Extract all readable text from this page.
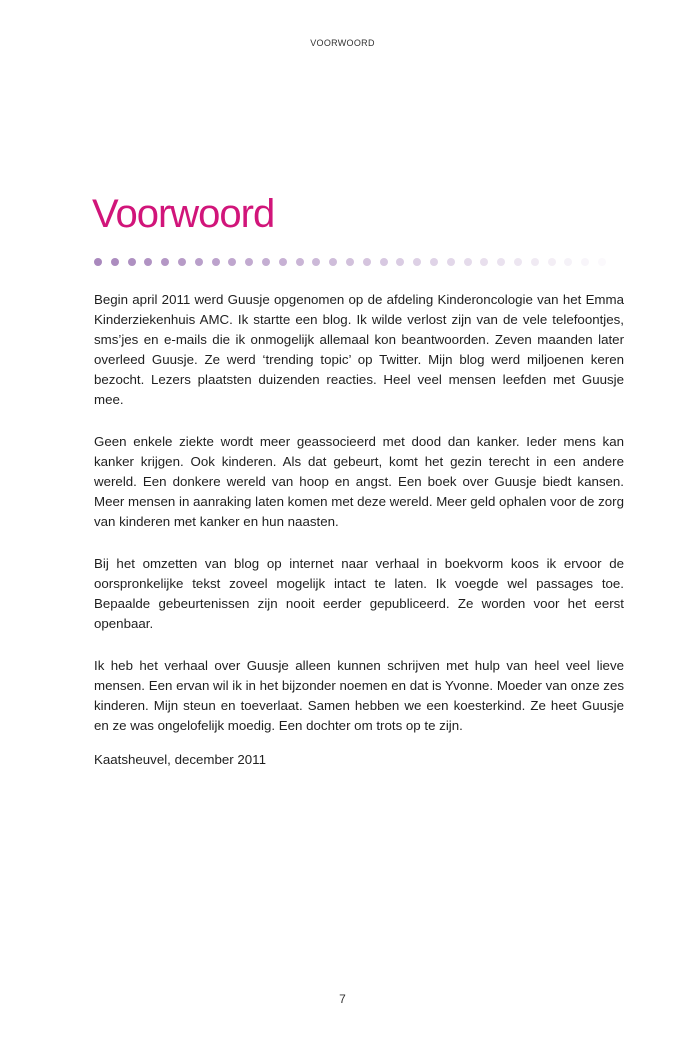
VOORWOORD
Voorwoord

Begin april 2011 werd Guusje opgenomen op de afdeling Kinderoncologie van het Emma Kinderziekenhuis AMC. Ik startte een blog. Ik wilde verlost zijn van de vele telefoontjes, sms’jes en e-mails die ik onmogelijk allemaal kon beantwoorden. Zeven maanden later overleed Guusje. Ze werd ‘trending topic’ op Twitter. Mijn blog werd miljoenen keren bezocht. Lezers plaatsten duizenden reacties. Heel veel mensen leefden met Guusje mee.

Geen enkele ziekte wordt meer geassocieerd met dood dan kanker. Ieder mens kan kanker krijgen. Ook kinderen. Als dat gebeurt, komt het gezin terecht in een andere wereld. Een donkere wereld van hoop en angst. Een boek over Guusje biedt kansen. Meer mensen in aanraking laten komen met deze wereld. Meer geld ophalen voor de zorg van kinderen met kanker en hun naasten.

Bij het omzetten van blog op internet naar verhaal in boekvorm koos ik ervoor de oorspronkelijke tekst zoveel mogelijk intact te laten. Ik voegde wel passages toe. Bepaalde gebeurtenissen zijn nooit eerder gepubliceerd. Ze worden voor het eerst openbaar.

Ik heb het verhaal over Guusje alleen kunnen schrijven met hulp van heel veel lieve mensen. Een ervan wil ik in het bijzonder noemen en dat is Yvonne. Moeder van onze zes kinderen. Mijn steun en toeverlaat. Samen hebben we een koesterkind. Ze heet Guusje en ze was ongelofelijk moedig. Een dochter om trots op te zijn.

Kaatsheuvel, december 2011

7
